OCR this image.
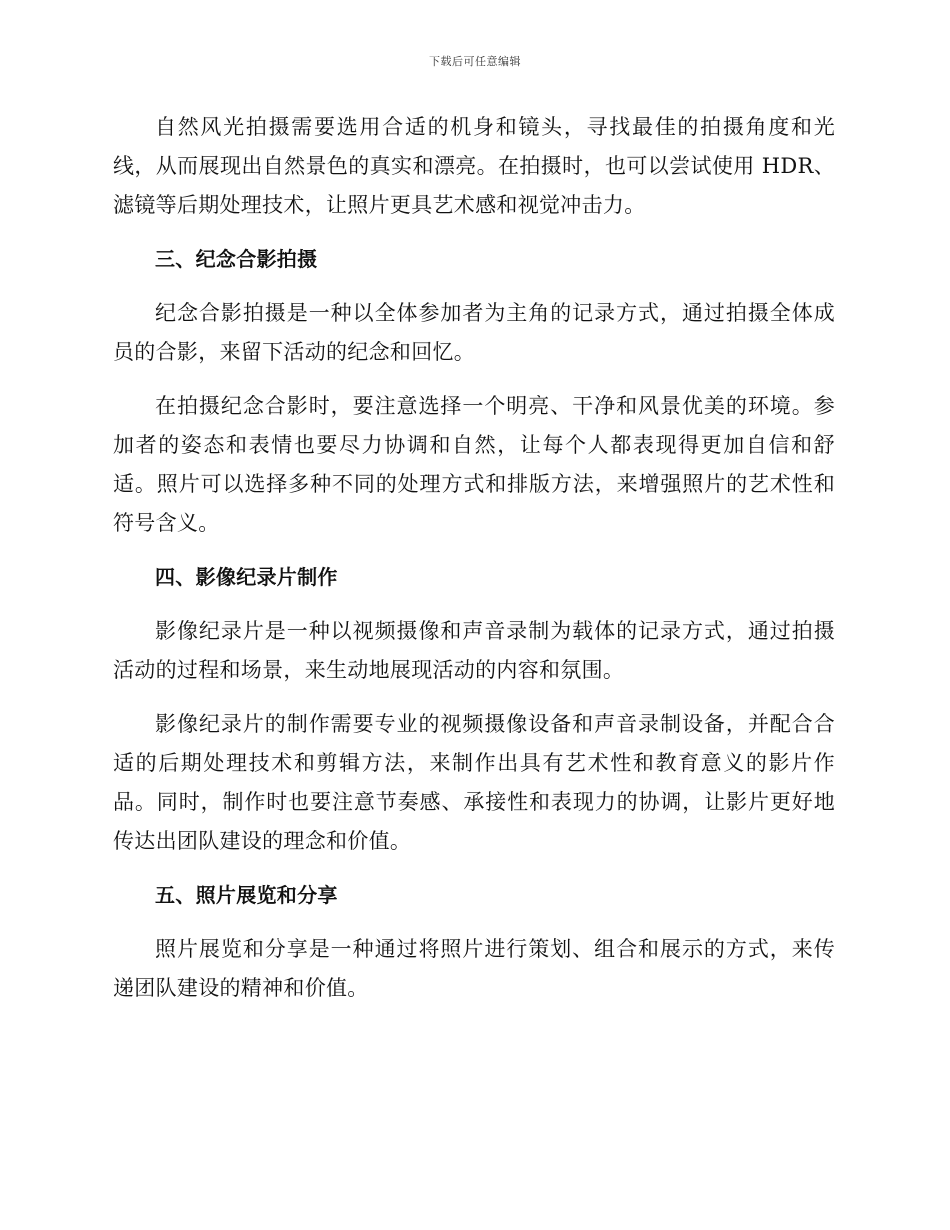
下载后可任意编辑

自然风光拍摄需要选用合适的机身和镜头，寻找最佳的拍摄角度和光线，从而展现出自然景色的真实和漂亮。在拍摄时，也可以尝试使用 HDR、滤镜等后期处理技术，让照片更具艺术感和视觉冲击力。

三、纪念合影拍摄

纪念合影拍摄是一种以全体参加者为主角的记录方式，通过拍摄全体成员的合影，来留下活动的纪念和回忆。

在拍摄纪念合影时，要注意选择一个明亮、干净和风景优美的环境。参加者的姿态和表情也要尽力协调和自然，让每个人都表现得更加自信和舒适。照片可以选择多种不同的处理方式和排版方法，来增强照片的艺术性和符号含义。

四、影像纪录片制作

影像纪录片是一种以视频摄像和声音录制为载体的记录方式，通过拍摄活动的过程和场景，来生动地展现活动的内容和氛围。

影像纪录片的制作需要专业的视频摄像设备和声音录制设备，并配合合适的后期处理技术和剪辑方法，来制作出具有艺术性和教育意义的影片作品。同时，制作时也要注意节奏感、承接性和表现力的协调，让影片更好地传达出团队建设的理念和价值。

五、照片展览和分享

照片展览和分享是一种通过将照片进行策划、组合和展示的方式，来传递团队建设的精神和价值。
